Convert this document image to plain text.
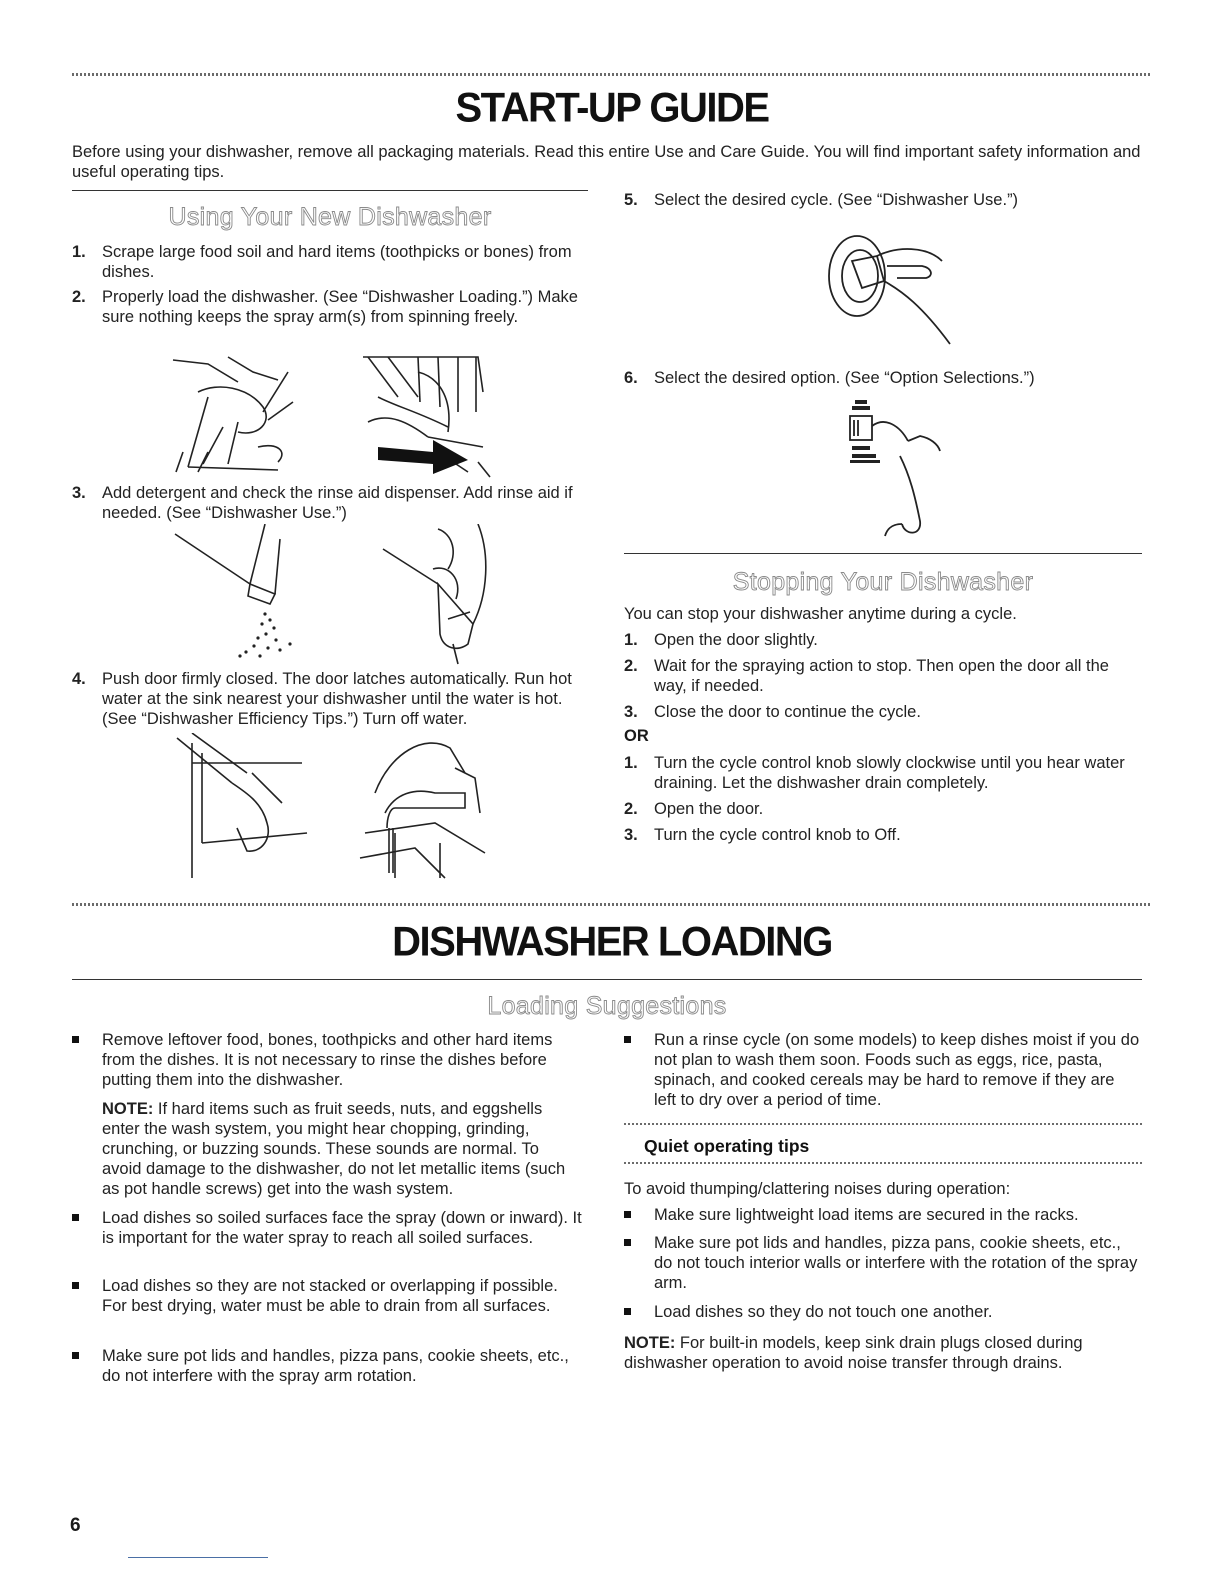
START-UP GUIDE
Before using your dishwasher, remove all packaging materials. Read this entire Use and Care Guide. You will find important safety information and useful operating tips.
Using Your New Dishwasher
1. Scrape large food soil and hard items (toothpicks or bones) from dishes.
2. Properly load the dishwasher. (See “Dishwasher Loading.”) Make sure nothing keeps the spray arm(s) from spinning freely.
3. Add detergent and check the rinse aid dispenser. Add rinse aid if needed. (See “Dishwasher Use.”)
4. Push door firmly closed. The door latches automatically. Run hot water at the sink nearest your dishwasher until the water is hot. (See “Dishwasher Efficiency Tips.”) Turn off water.
5. Select the desired cycle. (See “Dishwasher Use.”)
6. Select the desired option. (See “Option Selections.”)
Stopping Your Dishwasher
You can stop your dishwasher anytime during a cycle.
1. Open the door slightly.
2. Wait for the spraying action to stop. Then open the door all the way, if needed.
3. Close the door to continue the cycle.
OR
1. Turn the cycle control knob slowly clockwise until you hear water draining. Let the dishwasher drain completely.
2. Open the door.
3. Turn the cycle control knob to Off.
DISHWASHER LOADING
Loading Suggestions
Remove leftover food, bones, toothpicks and other hard items from the dishes. It is not necessary to rinse the dishes before putting them into the dishwasher.
NOTE: If hard items such as fruit seeds, nuts, and eggshells enter the wash system, you might hear chopping, grinding, crunching, or buzzing sounds. These sounds are normal. To avoid damage to the dishwasher, do not let metallic items (such as pot handle screws) get into the wash system.
Load dishes so soiled surfaces face the spray (down or inward). It is important for the water spray to reach all soiled surfaces.
Load dishes so they are not stacked or overlapping if possible. For best drying, water must be able to drain from all surfaces.
Make sure pot lids and handles, pizza pans, cookie sheets, etc., do not interfere with the spray arm rotation.
Run a rinse cycle (on some models) to keep dishes moist if you do not plan to wash them soon. Foods such as eggs, rice, pasta, spinach, and cooked cereals may be hard to remove if they are left to dry over a period of time.
Quiet operating tips
To avoid thumping/clattering noises during operation:
Make sure lightweight load items are secured in the racks.
Make sure pot lids and handles, pizza pans, cookie sheets, etc., do not touch interior walls or interfere with the rotation of the spray arm.
Load dishes so they do not touch one another.
NOTE: For built-in models, keep sink drain plugs closed during dishwasher operation to avoid noise transfer through drains.
6
